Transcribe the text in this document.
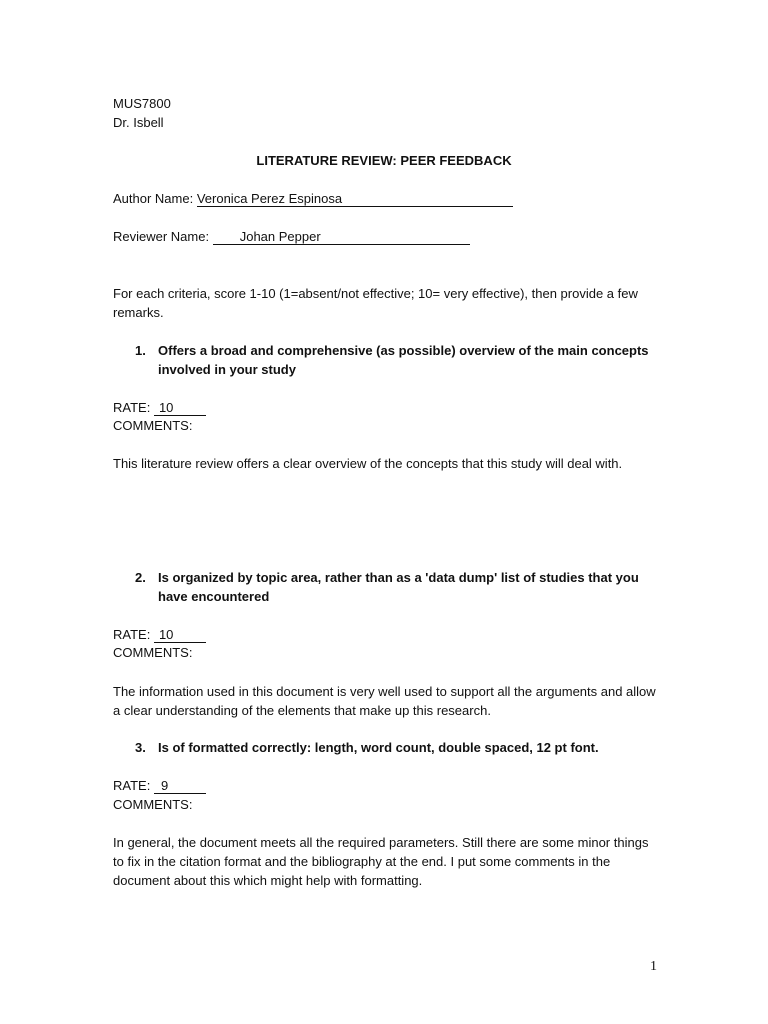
MUS7800
Dr. Isbell
LITERATURE REVIEW: PEER FEEDBACK
Author Name: Veronica Perez Espinosa
Reviewer Name: Johan Pepper
For each criteria, score 1-10 (1=absent/not effective; 10= very effective), then provide a few remarks.
1. Offers a broad and comprehensive (as possible) overview of the main concepts involved in your study
RATE: 10
COMMENTS:
This literature review offers a clear overview of the concepts that this study will deal with.
2. Is organized by topic area, rather than as a 'data dump' list of studies that you have encountered
RATE: 10
COMMENTS:
The information used in this document is very well used to support all the arguments and allow a clear understanding of the elements that make up this research.
3. Is of formatted correctly: length, word count, double spaced, 12 pt font.
RATE: 9
COMMENTS:
In general, the document meets all the required parameters. Still there are some minor things to fix in the citation format and the bibliography at the end. I put some comments in the document about this which might help with formatting.
1
